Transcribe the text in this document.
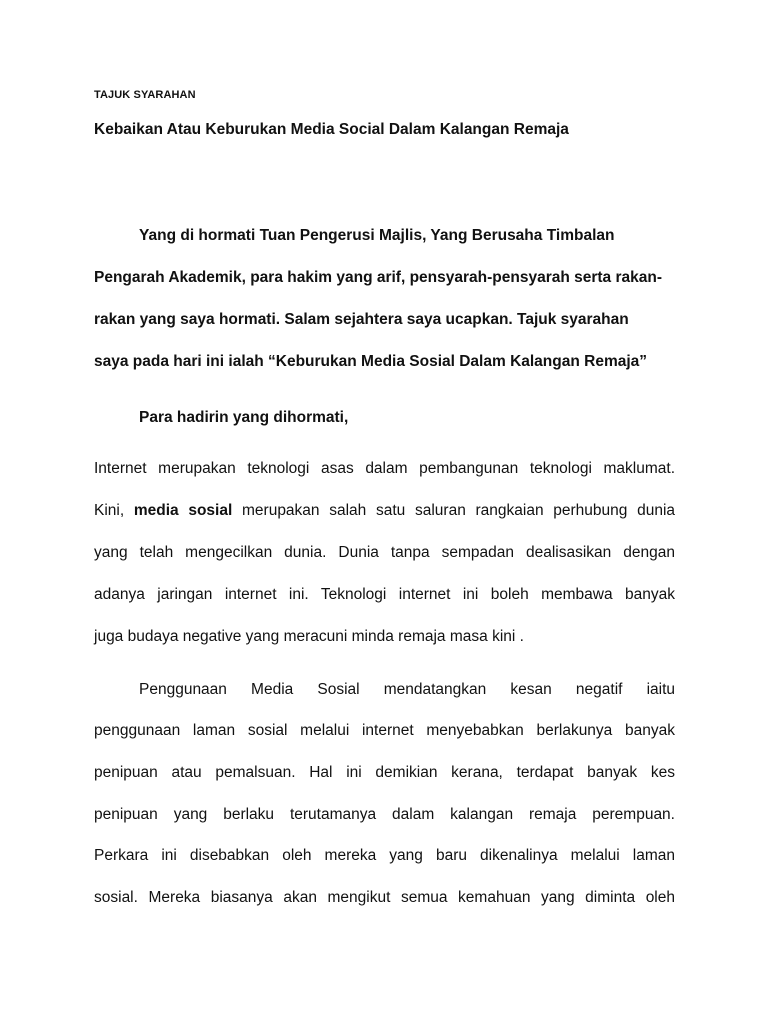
TAJUK SYARAHAN
Kebaikan Atau Keburukan Media Social Dalam Kalangan Remaja
Yang di hormati Tuan Pengerusi Majlis, Yang Berusaha Timbalan
Pengarah Akademik, para hakim yang arif, pensyarah-pensyarah serta rakan-
rakan yang saya hormati. Salam sejahtera saya ucapkan. Tajuk syarahan
saya pada hari ini ialah “Keburukan Media Sosial Dalam Kalangan Remaja”
Para hadirin yang dihormati,
Internet merupakan teknologi asas dalam pembangunan teknologi maklumat.
Kini, media sosial merupakan salah satu saluran rangkaian perhubung dunia
yang telah mengecilkan dunia. Dunia tanpa sempadan dealisasikan dengan
adanya jaringan internet ini. Teknologi internet ini boleh membawa banyak
juga budaya negative yang meracuni minda remaja masa kini .
Penggunaan Media Sosial mendatangkan kesan negatif iaitu
penggunaan laman sosial melalui internet menyebabkan berlakunya banyak
penipuan atau pemalsuan. Hal ini demikian kerana, terdapat banyak kes
penipuan yang berlaku terutamanya dalam kalangan remaja perempuan.
Perkara ini disebabkan oleh mereka yang baru dikenalinya melalui laman
sosial. Mereka biasanya akan mengikut semua kemahuan yang diminta oleh
